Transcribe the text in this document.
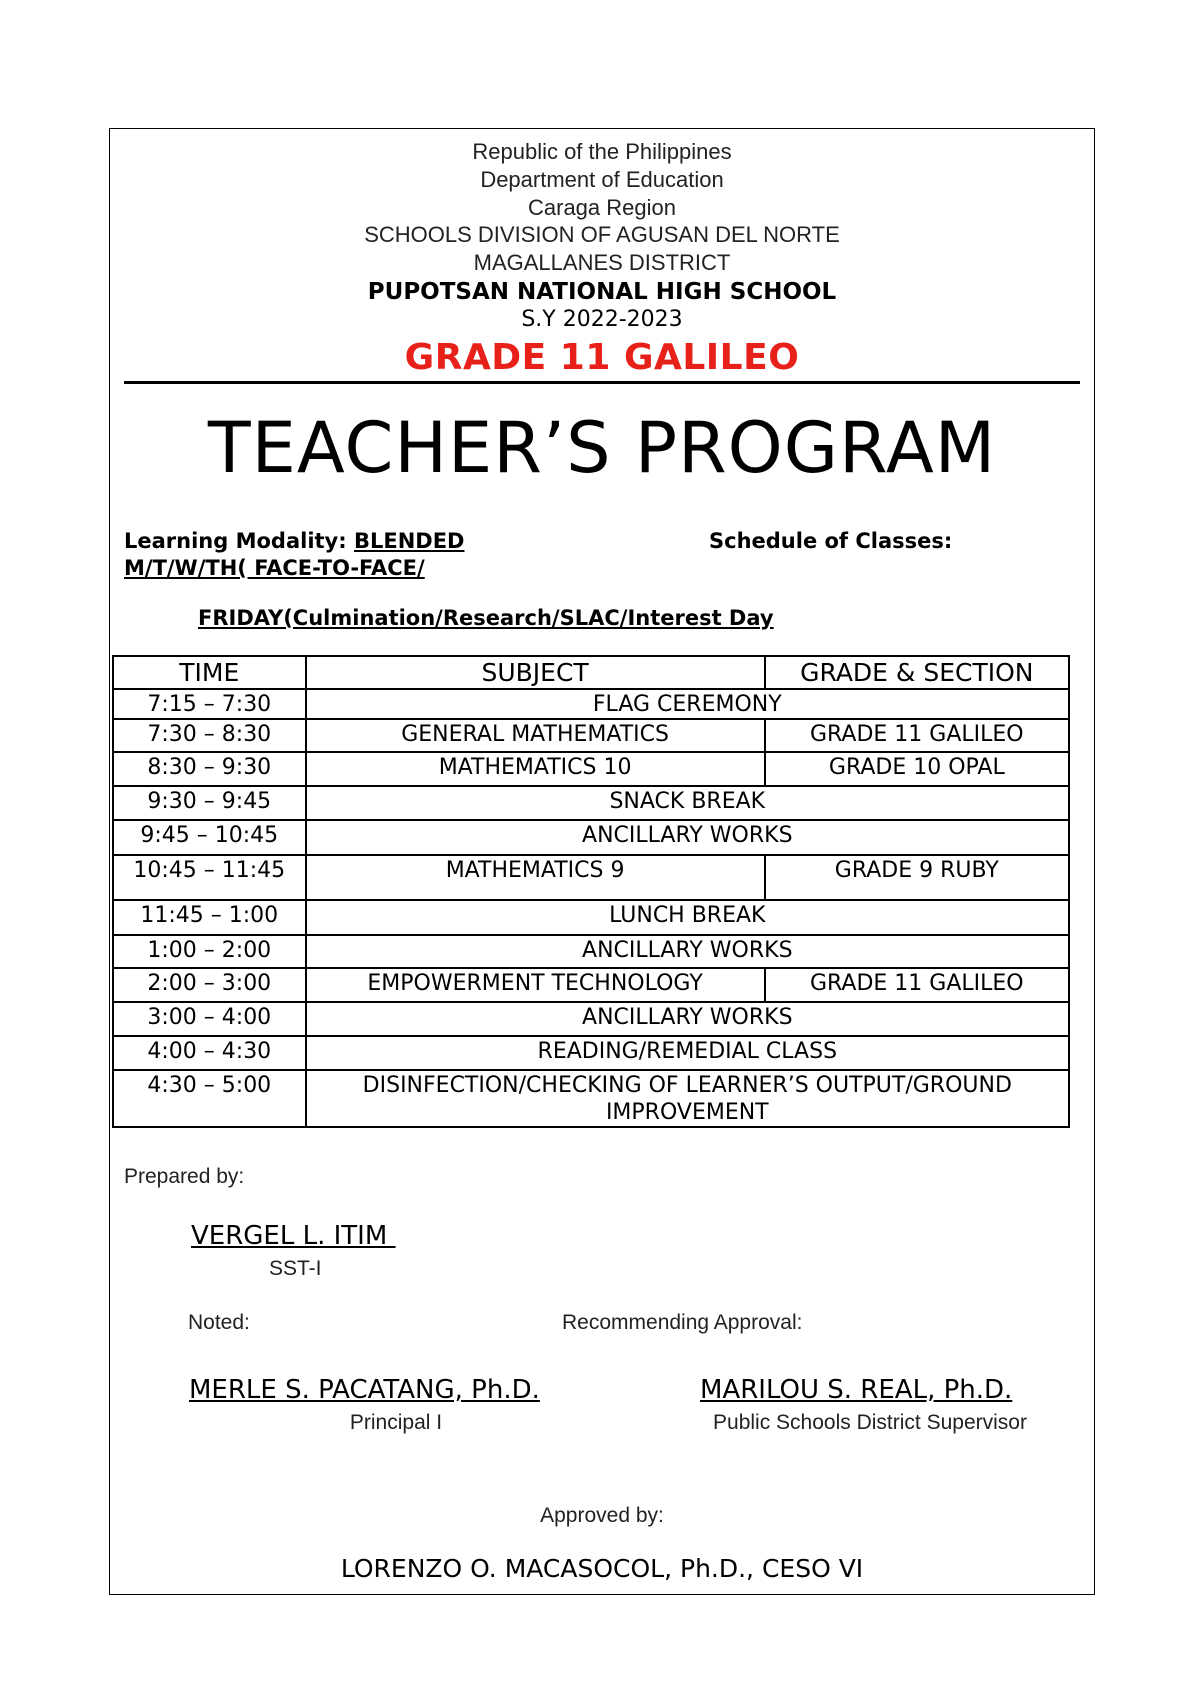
Republic of the Philippines
Department of Education
Caraga Region
SCHOOLS DIVISION OF AGUSAN DEL NORTE
MAGALLANES DISTRICT
PUPOTSAN NATIONAL HIGH SCHOOL
S.Y 2022-2023
GRADE 11 GALILEO
TEACHER’S PROGRAM
Learning Modality: BLENDED	Schedule of Classes:
M/T/W/TH( FACE-TO-FACE/
FRIDAY(Culmination/Research/SLAC/Interest Day
TIME	SUBJECT	GRADE & SECTION
7:15 – 7:30	FLAG CEREMONY	
7:30 – 8:30	GENERAL MATHEMATICS	GRADE 11 GALILEO
8:30 – 9:30	MATHEMATICS 10	GRADE 10 OPAL
9:30 – 9:45	SNACK BREAK	
9:45 – 10:45	ANCILLARY WORKS	
10:45 – 11:45	MATHEMATICS 9	GRADE 9 RUBY
11:45 – 1:00	LUNCH BREAK	
1:00 – 2:00	ANCILLARY WORKS	
2:00 – 3:00	EMPOWERMENT TECHNOLOGY	GRADE 11 GALILEO
3:00 – 4:00	ANCILLARY WORKS	
4:00 – 4:30	READING/REMEDIAL CLASS	
4:30 – 5:00	DISINFECTION/CHECKING OF LEARNER’S OUTPUT/GROUND IMPROVEMENT	
Prepared by:
VERGEL L. ITIM
SST-I
Noted:	Recommending Approval:
MERLE S. PACATANG, Ph.D.
Principal I
MARILOU S. REAL, Ph.D.
Public Schools District Supervisor
Approved by:
LORENZO O. MACASOCOL, Ph.D., CESO VI
